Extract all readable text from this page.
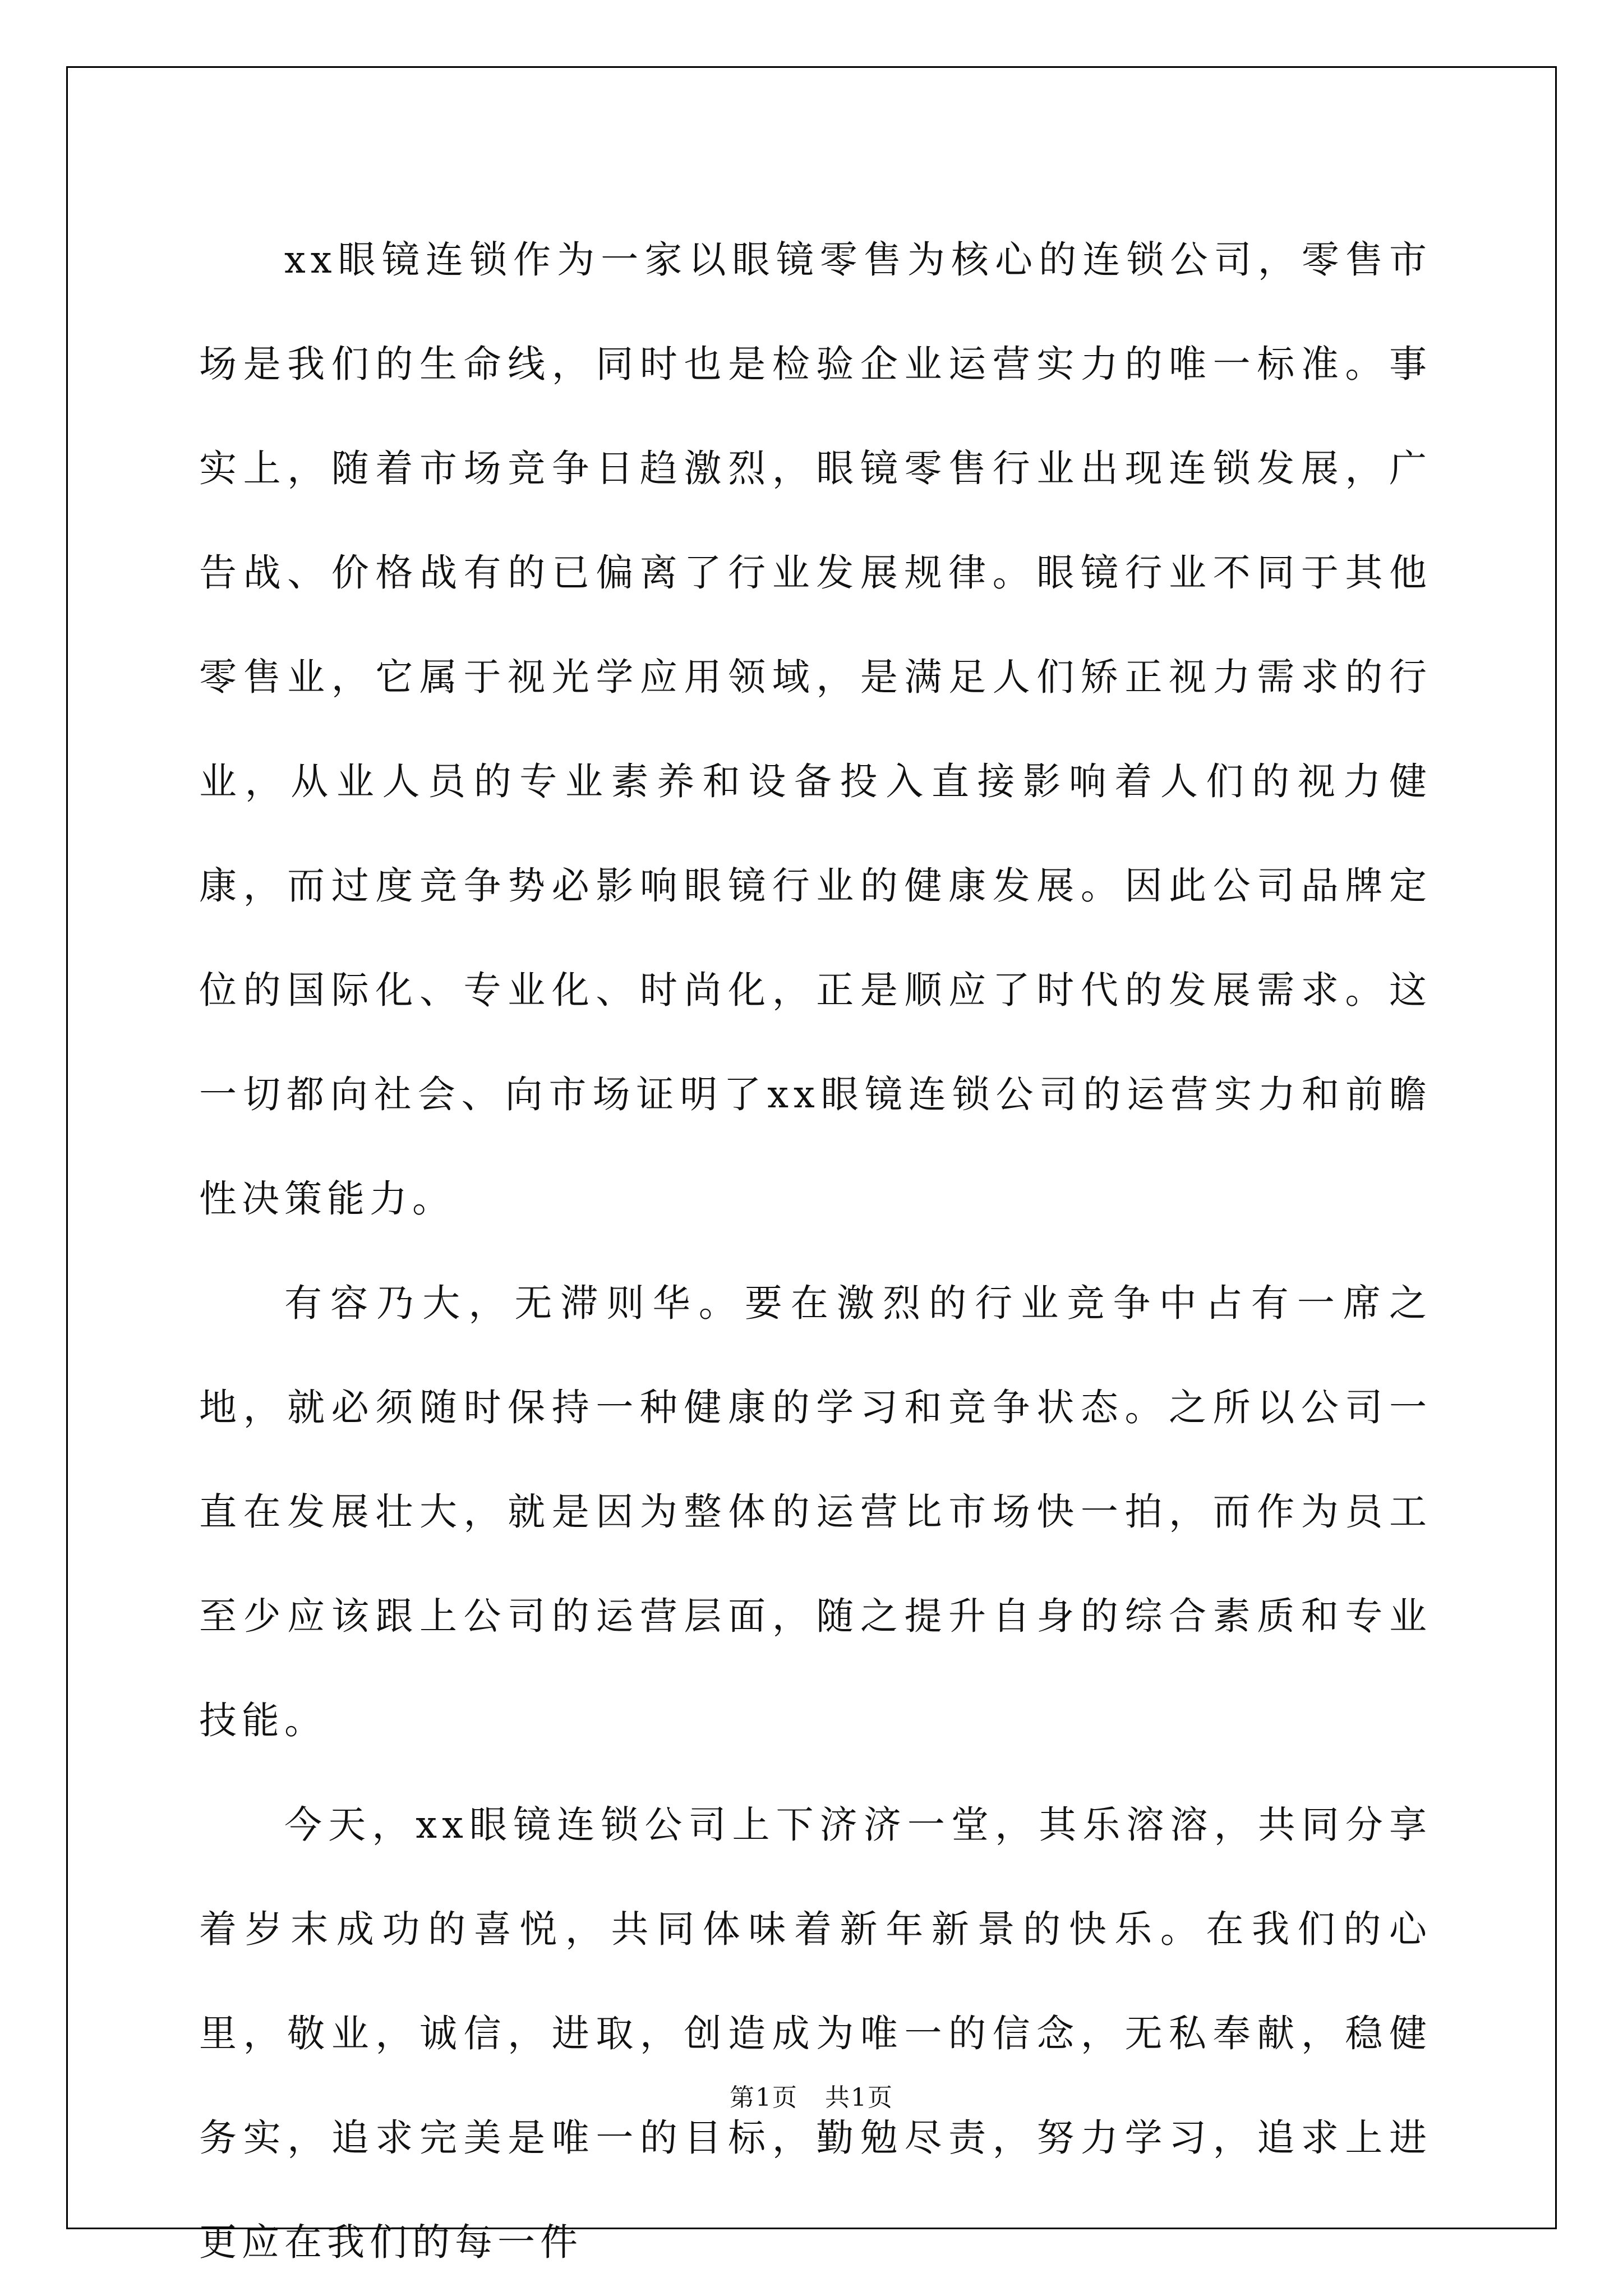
xx眼镜连锁作为一家以眼镜零售为核心的连锁公司，零售市场是我们的生命线，同时也是检验企业运营实力的唯一标准。事实上，随着市场竞争日趋激烈，眼镜零售行业出现连锁发展，广告战、价格战有的已偏离了行业发展规律。眼镜行业不同于其他零售业，它属于视光学应用领域，是满足人们矫正视力需求的行业，从业人员的专业素养和设备投入直接影响着人们的视力健康，而过度竞争势必影响眼镜行业的健康发展。因此公司品牌定位的国际化、专业化、时尚化，正是顺应了时代的发展需求。这一切都向社会、向市场证明了xx眼镜连锁公司的运营实力和前瞻性决策能力。

有容乃大，无滞则华。要在激烈的行业竞争中占有一席之地，就必须随时保持一种健康的学习和竞争状态。之所以公司一直在发展壮大，就是因为整体的运营比市场快一拍，而作为员工至少应该跟上公司的运营层面，随之提升自身的综合素质和专业技能。

今天，xx眼镜连锁公司上下济济一堂，其乐溶溶，共同分享着岁末成功的喜悦，共同体味着新年新景的快乐。在我们的心里，敬业，诚信，进取，创造成为唯一的信念，无私奉献，稳健务实，追求完美是唯一的目标，勤勉尽责，努力学习，追求上进更应在我们的每一件

第1页   共1页
